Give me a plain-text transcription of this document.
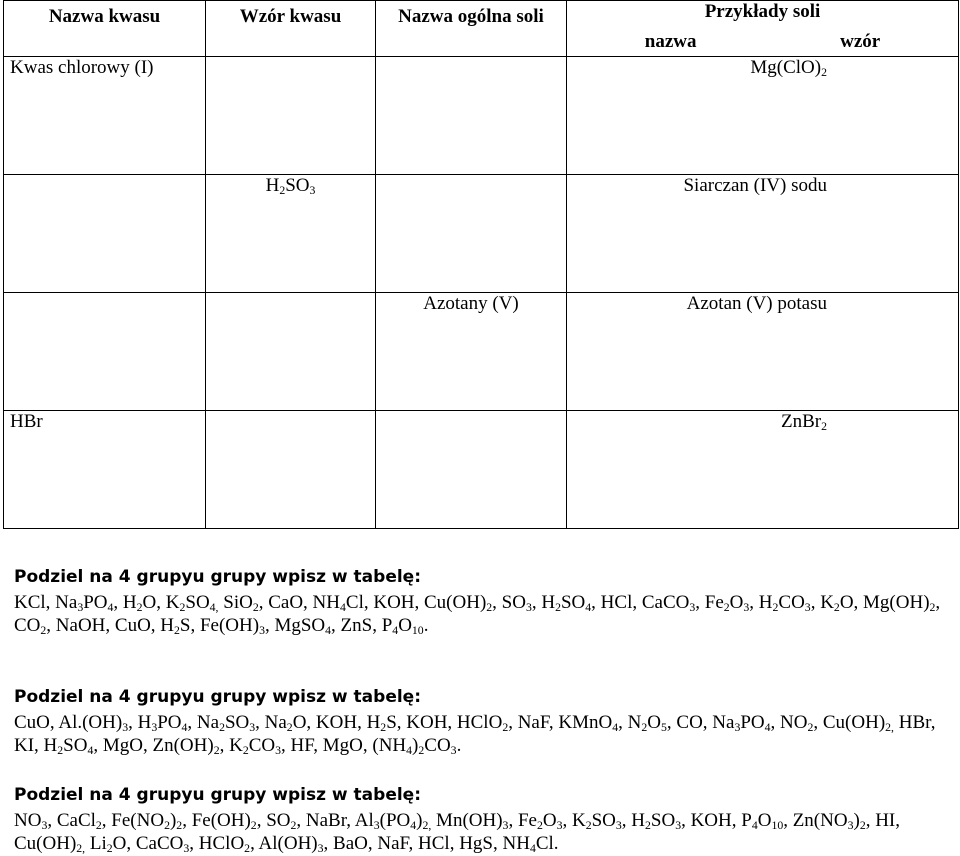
Nazwa kwasu	Wzór kwasu	Nazwa ogólna soli	Przykłady soli

			nazwa wzór

Kwas chlorowy (I)			$Mg(ClO)_2$
	$H_2SO_3$		Siarczan (IV) sodu
		Azotany (V)	Azotan (V) potasu
HBr			ZnBr$_2$
Podziel na 4 grupyu grupy wpisz w tabelę:
KCl, $Na_3PO_4$, $H_2O$, $K_2SO_{4,}$ SiO$_2$, CaO, $NH_4Cl$, KOH, $Cu(OH)_2$, $SO_3$, $H_2SO_4$, HCl, CaCO$_3$, $Fe_2O_3$, $H_2CO_3$, $K_2O$, $Mg(OH)_2$, $CO_2$, NaOH, CuO, $H_2S$, $Fe(OH)_3$, MgSO$_4$, ZnS, $P_4O_{10}$.
Podziel na 4 grupyu grupy wpisz w tabelę:
CuO, $Al.(OH)_3$, $H_3PO_4$, $Na_2SO_3$, $Na_2O$, KOH, $H_2S$, KOH, HClO$_2$, NaF, KMnO$_4$, $N_2O_5$, CO, $Na_3PO_4$, $NO_2$, $Cu(OH)_{2,}$ HBr, KI, $H_2SO_4$, MgO, $Zn(OH)_2$, $K_2CO_3$, HF, MgO, $(NH_4)_2CO_3$.
Podziel na 4 grupyu grupy wpisz w tabelę:
$NO_3$, CaCl$_2$, $Fe(NO_2)_2$, $Fe(OH)_2$, $SO_2$, NaBr, $Al_3(PO_4)_{2,}$ $Mn(OH)_3$, $Fe_2O_3$, $K_2SO_3$, $H_2SO_3$, KOH, $P_4O_{10}$, $Zn(NO_3)_2$, HI, $Cu(OH)_{2,}$ $Li_2O$, CaCO$_3$, HClO$_2$, $Al(OH)_3$, BaO, NaF, HCl, HgS, $NH_4Cl$.
